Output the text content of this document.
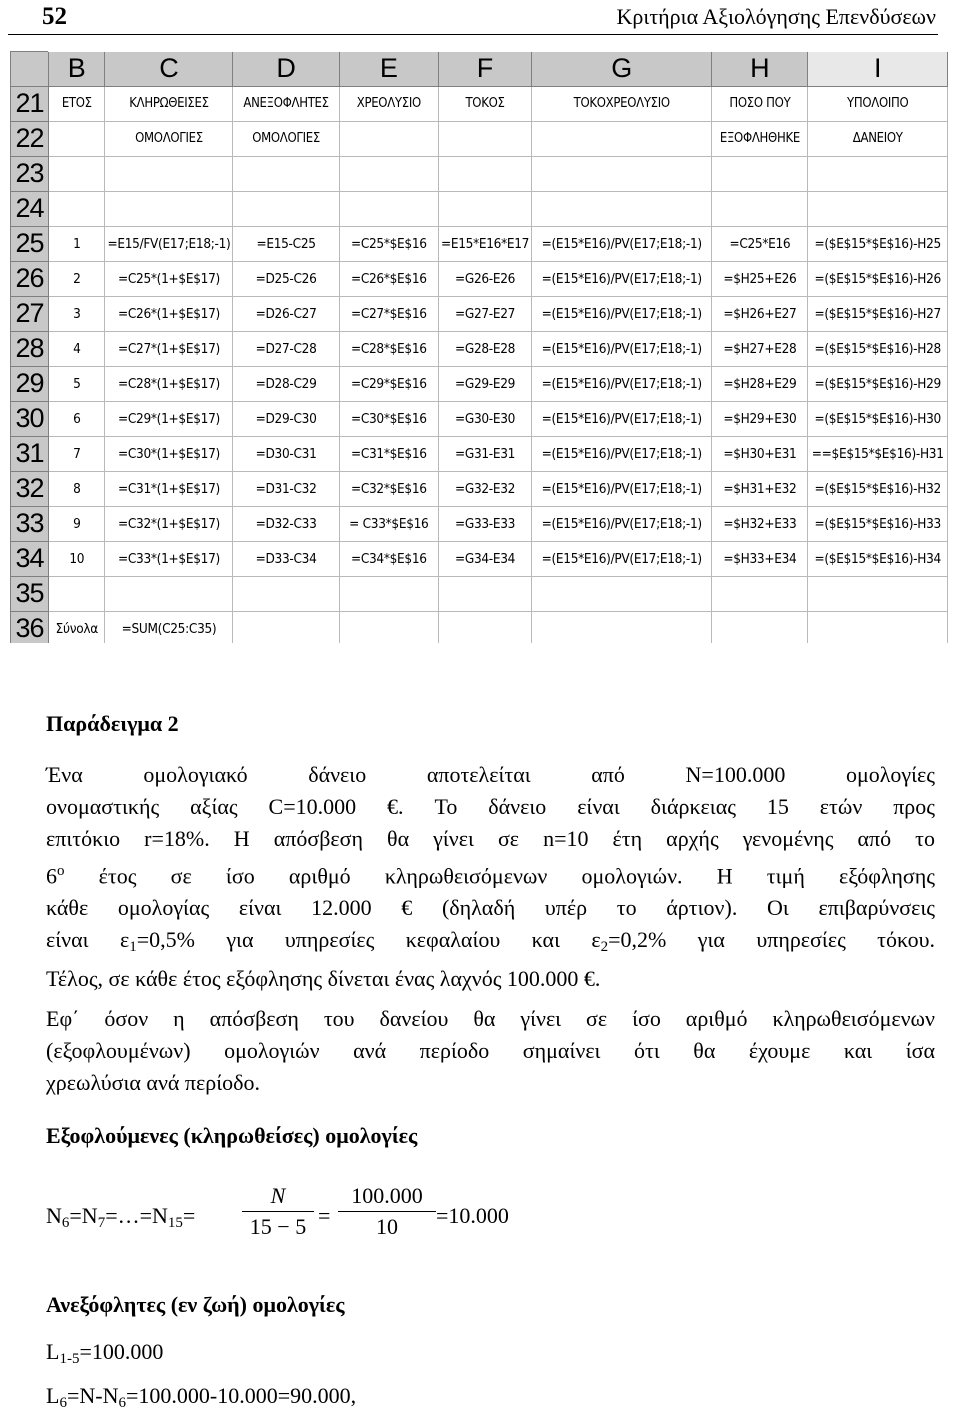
52	Κριτήρια Αξιολόγησης Επενδύσεων
	B	C	D	E	F	G	H	I
21	ΕΤΟΣ	ΚΛΗΡΩΘΕΙΣΕΣ	ΑΝΕΞΟΦΛΗΤΕΣ	ΧΡΕΟΛΥΣΙΟ	ΤΟΚΟΣ	ΤΟΚΟΧΡΕΟΛΥΣΙΟ	ΠΟΣΟ ΠΟΥ	ΥΠΟΛΟΙΠΟ
22		ΟΜΟΛΟΓΙΕΣ	ΟΜΟΛΟΓΙΕΣ				ΕΞΟΦΛΗΘΗΚΕ	ΔΑΝΕΙΟΥ
23								
24								
25	1	=E15/FV(E17;E18;-1)	=E15-C25	=C25*$E$16	=E15*E16*E17	=(E15*E16)/PV(E17;E18;-1)	=C25*E16	=($E$15*$E$16)-H25
26	2	=C25*(1+$E$17)	=D25-C26	=C26*$E$16	=G26-E26	=(E15*E16)/PV(E17;E18;-1)	=$H25+E26	=($E$15*$E$16)-H26
27	3	=C26*(1+$E$17)	=D26-C27	=C27*$E$16	=G27-E27	=(E15*E16)/PV(E17;E18;-1)	=$H26+E27	=($E$15*$E$16)-H27
28	4	=C27*(1+$E$17)	=D27-C28	=C28*$E$16	=G28-E28	=(E15*E16)/PV(E17;E18;-1)	=$H27+E28	=($E$15*$E$16)-H28
29	5	=C28*(1+$E$17)	=D28-C29	=C29*$E$16	=G29-E29	=(E15*E16)/PV(E17;E18;-1)	=$H28+E29	=($E$15*$E$16)-H29
30	6	=C29*(1+$E$17)	=D29-C30	=C30*$E$16	=G30-E30	=(E15*E16)/PV(E17;E18;-1)	=$H29+E30	=($E$15*$E$16)-H30
31	7	=C30*(1+$E$17)	=D30-C31	=C31*$E$16	=G31-E31	=(E15*E16)/PV(E17;E18;-1)	=$H30+E31	==$E$15*$E$16)-H31
32	8	=C31*(1+$E$17)	=D31-C32	=C32*$E$16	=G32-E32	=(E15*E16)/PV(E17;E18;-1)	=$H31+E32	=($E$15*$E$16)-H32
33	9	=C32*(1+$E$17)	=D32-C33	= C33*$E$16	=G33-E33	=(E15*E16)/PV(E17;E18;-1)	=$H32+E33	=($E$15*$E$16)-H33
34	10	=C33*(1+$E$17)	=D33-C34	=C34*$E$16	=G34-E34	=(E15*E16)/PV(E17;E18;-1)	=$H33+E34	=($E$15*$E$16)-H34
35								
36	Σύνολα	=SUM(C25:C35)						
Παράδειγμα 2
Ένα ομολογιακό δάνειο αποτελείται από Ν=100.000 ομολογίες
ονομαστικής αξίας C=10.000 €. Το δάνειο είναι διάρκειας 15 ετών προς
επιτόκιο r=18%. Η απόσβεση θα γίνει σε n=10 έτη αρχής γενομένης από το
$6^o$ έτος σε ίσο αριθμό κληρωθεισόμενων ομολογιών. Η τιμή εξόφλησης
κάθε ομολογίας είναι 12.000 € (δηλαδή υπέρ το άρτιον). Οι επιβαρύνσεις
είναι $\varepsilon_1=0,5\%$ για υπηρεσίες κεφαλαίου και $\varepsilon_2=0,2\%$ για υπηρεσίες τόκου.
Τέλος, σε κάθε έτος εξόφλησης δίνεται ένας λαχνός 100.000 €.
Εφ΄ όσον η απόσβεση του δανείου θα γίνει σε ίσο αριθμό κληρωθεισόμενων
(εξοφλουμένων) ομολογιών ανά περίοδο σημαίνει ότι θα έχουμε και ίσα
χρεωλύσια ανά περίοδο.
Εξοφλούμενες (κληρωθείσες) ομολογίες
$N_6=N_7=\dots=N_{15}=$
N
15 − 5 =
100.000
10	=10.000
Ανεξόφλητες (εν ζωή) ομολογίες
$L_{1-5}=100.000$
$L_6=N-N_6=100.000-10.000=90.000$,
